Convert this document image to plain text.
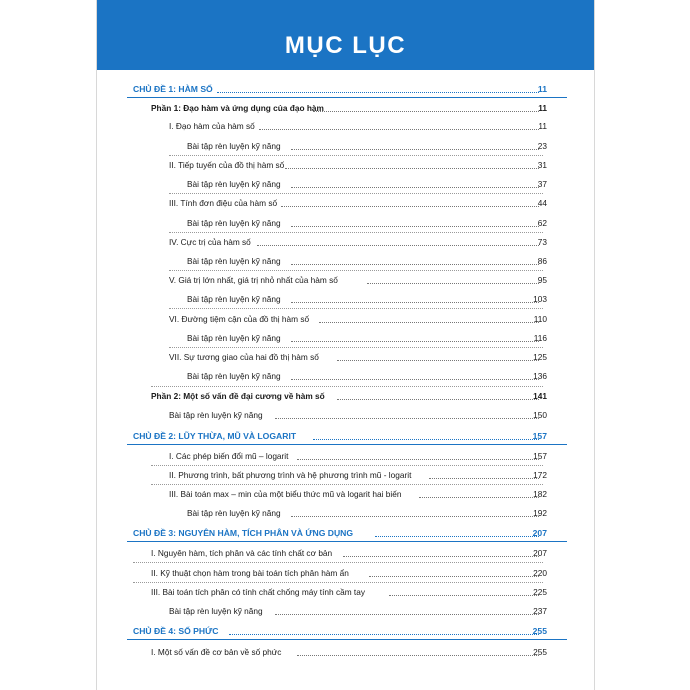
MỤC LỤC
CHỦ ĐỀ 1: HÀM SỐ	11
Phần 1: Đạo hàm và ứng dụng của đạo hàm	11
I. Đạo hàm của hàm số	11
Bài tập rèn luyện kỹ năng	23
II. Tiếp tuyến của đồ thị hàm số	31
Bài tập rèn luyện kỹ năng	37
III. Tính đơn điệu của hàm số	44
Bài tập rèn luyện kỹ năng	62
IV. Cực trị của hàm số	73
Bài tập rèn luyện kỹ năng	86
V. Giá trị lớn nhất, giá trị nhỏ nhất của hàm số	95
Bài tập rèn luyện kỹ năng	103
VI. Đường tiệm cận của đồ thị hàm số	110
Bài tập rèn luyện kỹ năng	116
VII. Sự tương giao của hai đồ thị hàm số	125
Bài tập rèn luyện kỹ năng	136
Phần 2: Một số vấn đề đại cương về hàm số	141
Bài tập rèn luyện kỹ năng	150
CHỦ ĐỀ 2: LŨY THỪA, MŨ VÀ LOGARIT	157
I. Các phép biến đổi mũ – logarit	157
II. Phương trình, bất phương trình và hệ phương trình mũ - logarit	172
III. Bài toán max – min của một biểu thức mũ và logarit hai biến	182
Bài tập rèn luyện kỹ năng	192
CHỦ ĐỀ 3: NGUYÊN HÀM, TÍCH PHÂN VÀ ỨNG DỤNG	207
I. Nguyên hàm, tích phân và các tính chất cơ bản	207
II. Kỹ thuật chọn hàm trong bài toán tích phân hàm ẩn	220
III. Bài toán tích phân có tính chất chống máy tính cầm tay	225
Bài tập rèn luyện kỹ năng	237
CHỦ ĐỀ 4: SỐ PHỨC	255
I. Một số vấn đề cơ bản về số phức	255
